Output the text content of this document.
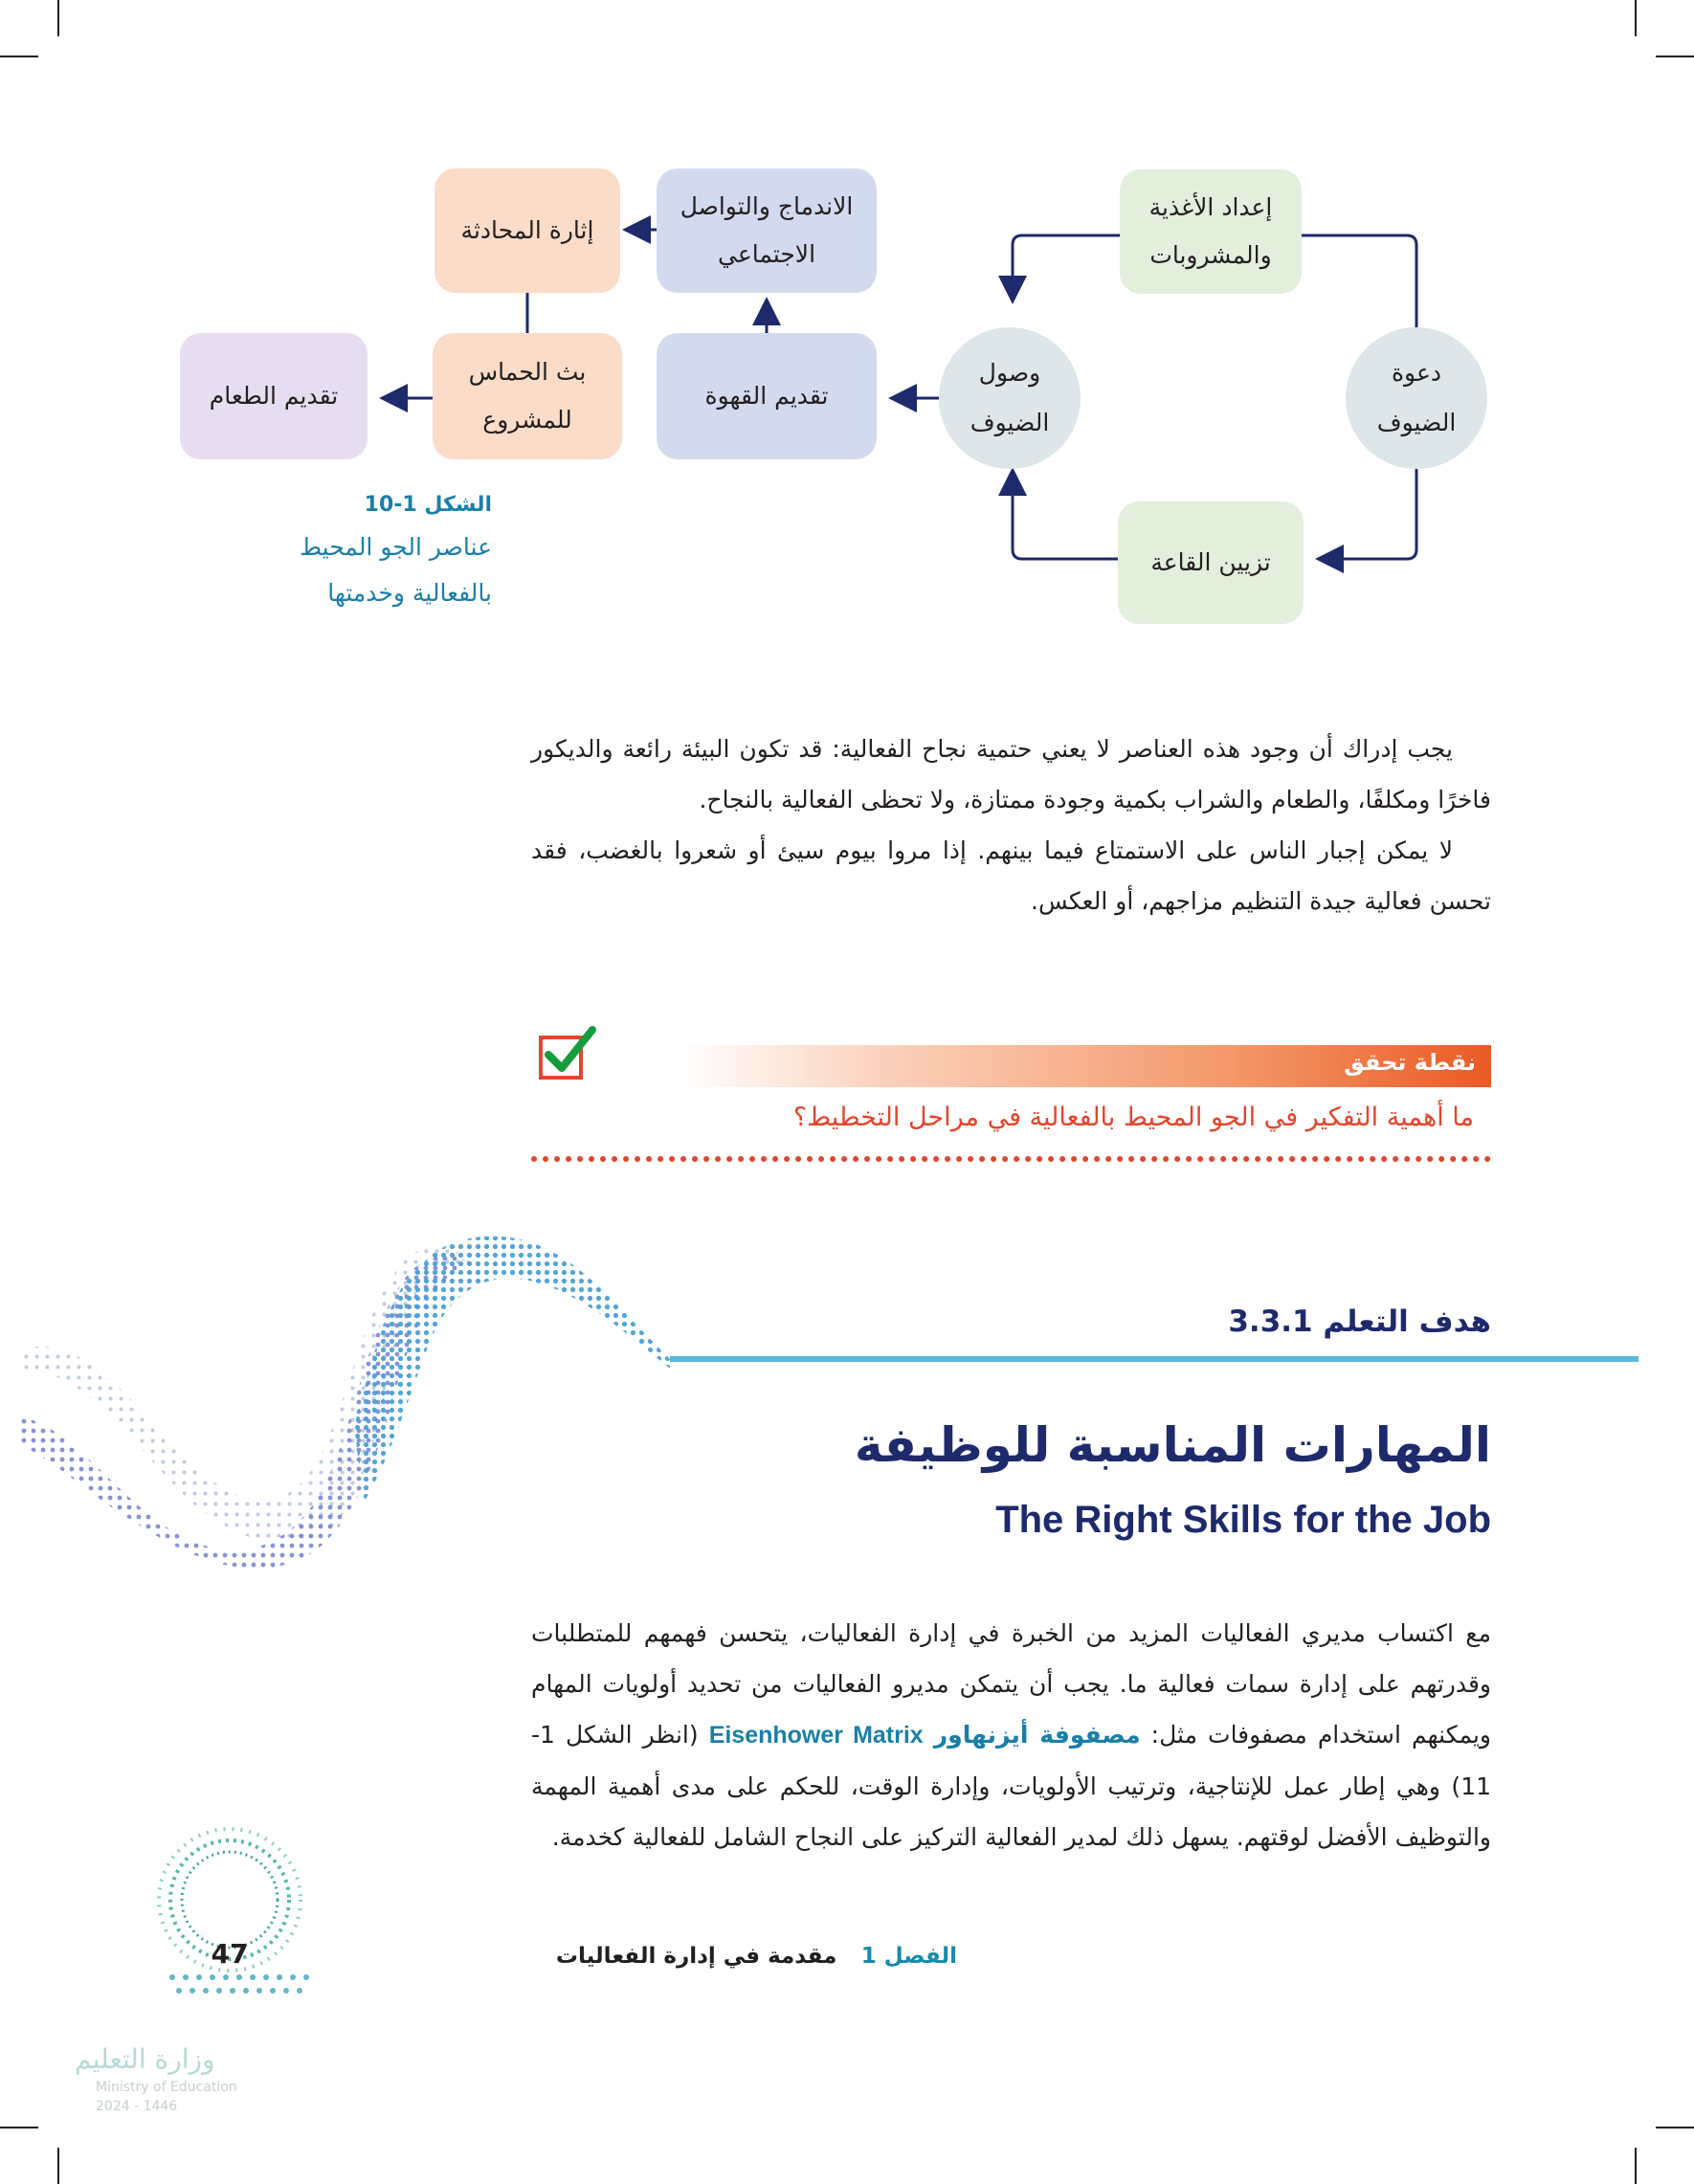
إعداد الأغذية والمشروبات
دعوة الضيوف
تزيين القاعة
وصول الضيوف
تقديم القهوة
الاندماج والتواصل الاجتماعي
إثارة المحادثة
بث الحماس للمشروع
تقديم الطعام
الشكل 1-10
عناصر الجو المحيط
بالفعالية وخدمتها

يجب إدراك أن وجود هذه العناصر لا يعني حتمية نجاح الفعالية: قد تكون البيئة رائعة والديكور فاخرًا ومكلفًا، والطعام والشراب بكمية وجودة ممتازة، ولا تحظى الفعالية بالنجاح.

لا يمكن إجبار الناس على الاستمتاع فيما بينهم. إذا مروا بيوم سيئ أو شعروا بالغضب، فقد تحسن فعالية جيدة التنظيم مزاجهم، أو العكس.

نقطة تحقق
ما أهمية التفكير في الجو المحيط بالفعالية في مراحل التخطيط؟
هدف التعلم 3.3.1
المهارات المناسبة للوظيفة
The Right Skills for the Job
مع اكتساب مديري الفعاليات المزيد من الخبرة في إدارة الفعاليات، يتحسن فهمهم للمتطلبات وقدرتهم على إدارة سمات فعالية ما. يجب أن يتمكن مديرو الفعاليات من تحديد أولويات المهام ويمكنهم استخدام مصفوفات مثل: مصفوفة أيزنهاور Eisenhower Matrix (انظر الشكل 1-11) وهي إطار عمل للإنتاجية، وترتيب الأولويات، وإدارة الوقت، للحكم على مدى أهمية المهمة والتوظيف الأفضل لوقتهم. يسهل ذلك لمدير الفعالية التركيز على النجاح الشامل للفعالية كخدمة.
47
وزارة التعليم
Ministry of Education
2024 - 1446
الفصل 1 مقدمة في إدارة الفعاليات
